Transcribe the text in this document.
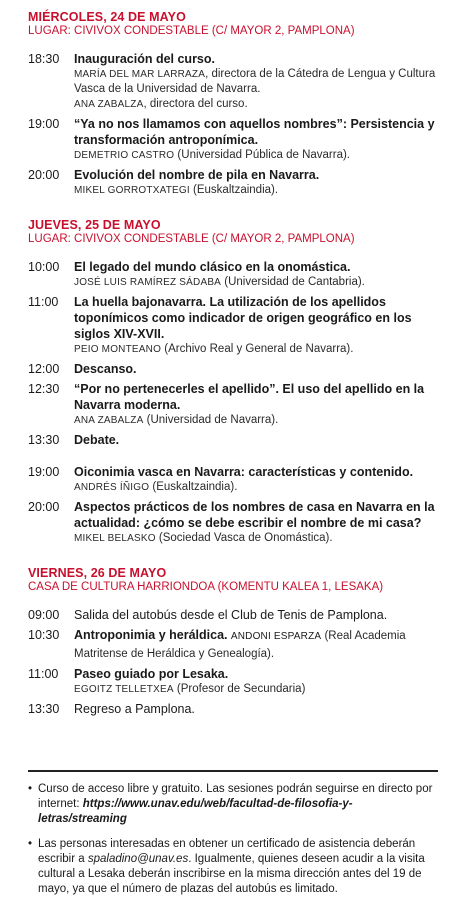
MIÉRCOLES, 24 DE MAYO
LUGAR: CIVIVOX CONDESTABLE (C/ MAYOR 2, PAMPLONA)
18:30	Inauguración del curso.
MARÍA DEL MAR LARRAZA, directora de la Cátedra de Lengua y Cultura Vasca de la Universidad de Navarra.
ANA ZABALZA, directora del curso.
19:00	“Ya no nos llamamos con aquellos nombres”: Persistencia y transformación antroponímica.
DEMETRIO CASTRO (Universidad Pública de Navarra).
20:00	Evolución del nombre de pila en Navarra.
MIKEL GORROTXATEGI (Euskaltzaindia).
JUEVES, 25 DE MAYO
LUGAR: CIVIVOX CONDESTABLE (C/ MAYOR 2, PAMPLONA)
10:00	El legado del mundo clásico en la onomástica.
JOSÉ LUIS RAMÍREZ SÁDABA (Universidad de Cantabria).
11:00	La huella bajonavarra. La utilización de los apellidos toponímicos como indicador de origen geográfico en los siglos XIV-XVII.
PEIO MONTEANO (Archivo Real y General de Navarra).
12:00	Descanso.
12:30	“Por no pertenecerles el apellido”. El uso del apellido en la Navarra moderna.
ANA ZABALZA (Universidad de Navarra).
13:30	Debate.
19:00	Oiconimia vasca en Navarra: características y contenido.
ANDRÉS ÍÑIGO (Euskaltzaindia).
20:00	Aspectos prácticos de los nombres de casa en Navarra en la actualidad: ¿cómo se debe escribir el nombre de mi casa?
MIKEL BELASKO (Sociedad Vasca de Onomástica).
VIERNES, 26 DE MAYO
CASA DE CULTURA HARRIONDOA (KOMENTU KALEA 1, LESAKA)
09:00	Salida del autobús desde el Club de Tenis de Pamplona.
10:30	Antroponimia y heráldica. ANDONI ESPARZA (Real Academia Matritense de Heráldica y Genealogía).
11:00	Paseo guiado por Lesaka.
EGOITZ TELLETXEA (Profesor de Secundaria)
13:30	Regreso a Pamplona.
• Curso de acceso libre y gratuito. Las sesiones podrán seguirse en directo por internet: https://www.unav.edu/web/facultad-de-filosofia-y-letras/streaming
• Las personas interesadas en obtener un certificado de asistencia deberán escribir a spaladino@unav.es. Igualmente, quienes deseen acudir a la visita cultural a Lesaka deberán inscribirse en la misma dirección antes del 19 de mayo, ya que el número de plazas del autobús es limitado.
